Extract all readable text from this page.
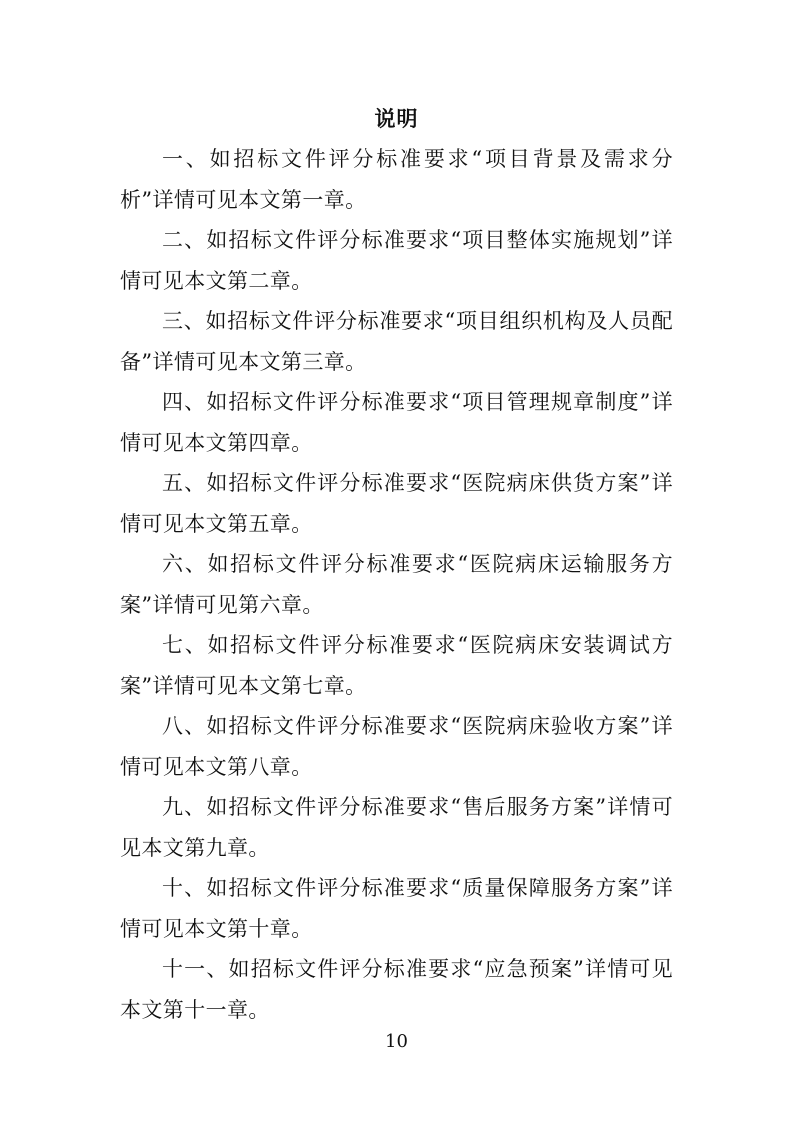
说明

一、如招标文件评分标准要求“项目背景及需求分析”详情可见本文第一章。

二、如招标文件评分标准要求“项目整体实施规划”详情可见本文第二章。

三、如招标文件评分标准要求“项目组织机构及人员配备”详情可见本文第三章。

四、如招标文件评分标准要求“项目管理规章制度”详情可见本文第四章。

五、如招标文件评分标准要求“医院病床供货方案”详情可见本文第五章。

六、如招标文件评分标准要求“医院病床运输服务方案”详情可见第六章。

七、如招标文件评分标准要求“医院病床安装调试方案”详情可见本文第七章。

八、如招标文件评分标准要求“医院病床验收方案”详情可见本文第八章。

九、如招标文件评分标准要求“售后服务方案”详情可见本文第九章。

十、如招标文件评分标准要求“质量保障服务方案”详情可见本文第十章。

十一、如招标文件评分标准要求“应急预案”详情可见本文第十一章。

10
